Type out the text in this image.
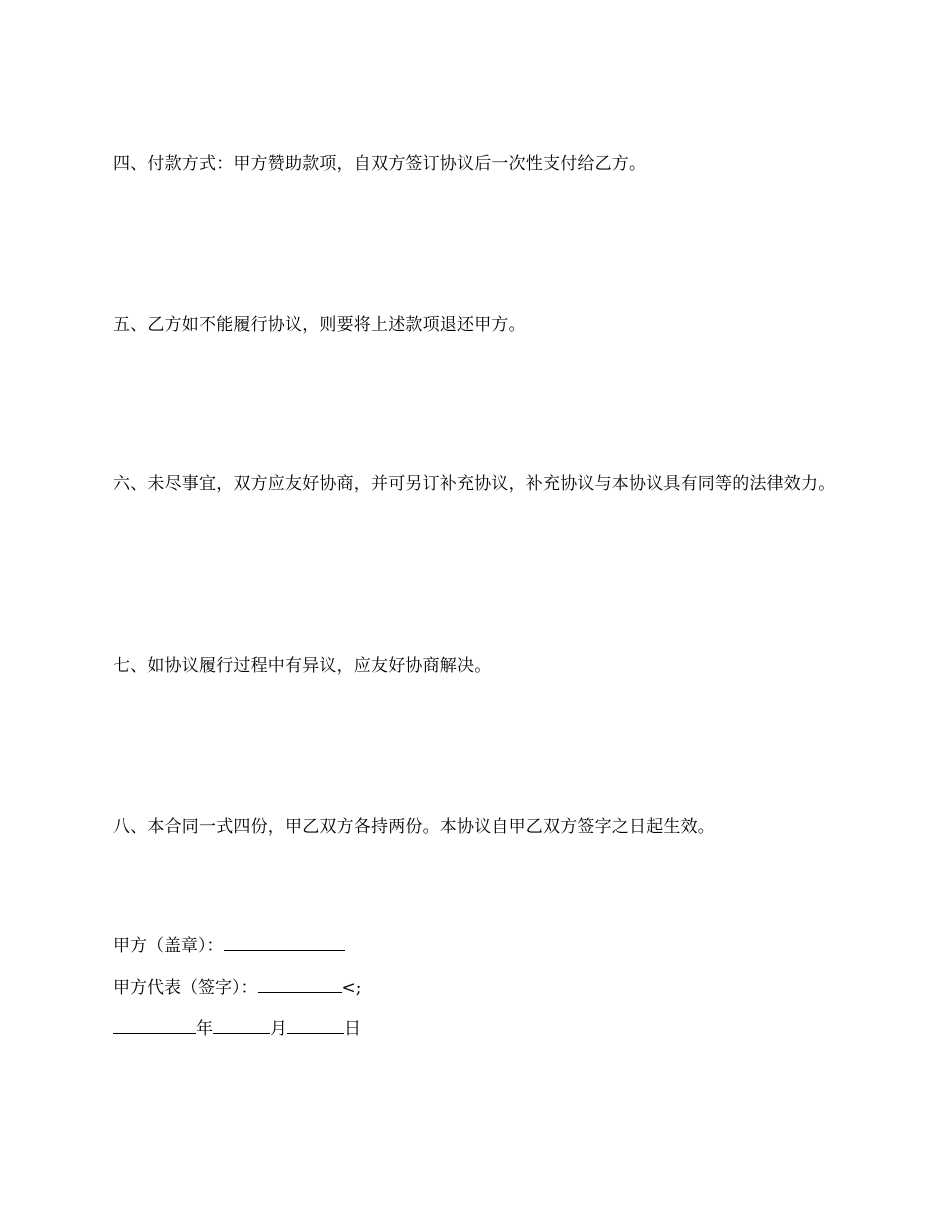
四、付款方式：甲方赞助款项，自双方签订协议后一次性支付给乙方。

五、乙方如不能履行协议，则要将上述款项退还甲方。

六、未尽事宜，双方应友好协商，并可另订补充协议，补充协议与本协议具有同等的法律效力。

七、如协议履行过程中有异议，应友好协商解决。

八、本合同一式四份，甲乙双方各持两份。本协议自甲乙双方签字之日起生效。

甲方（盖章）：

甲方代表（签字）：	<;

年	月	日
